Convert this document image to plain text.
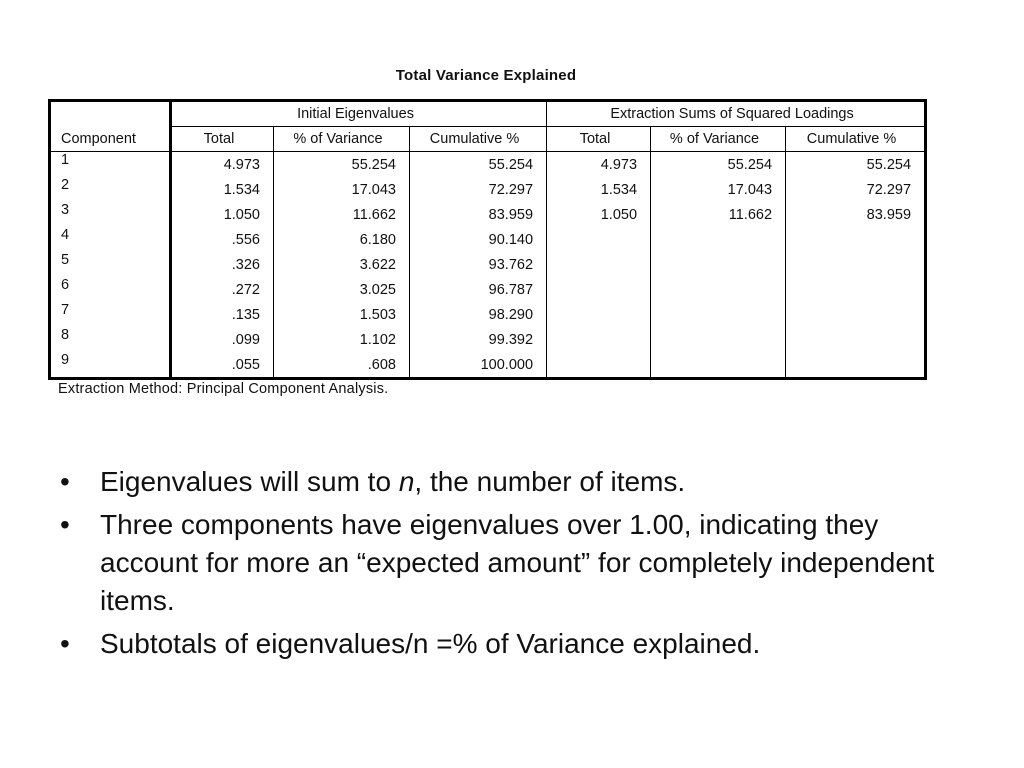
Total Variance Explained
	Initial Eigenvalues			Extraction Sums of Squared Loadings		
Component	Total	% of Variance	Cumulative %	Total	% of Variance	Cumulative %
1	4.973	55.254	55.254	4.973	55.254	55.254
2	1.534	17.043	72.297	1.534	17.043	72.297
3	1.050	11.662	83.959	1.050	11.662	83.959
4	.556	6.180	90.140			
5	.326	3.622	93.762			
6	.272	3.025	96.787			
7	.135	1.503	98.290			
8	.099	1.102	99.392			
9	.055	.608	100.000			
Extraction Method: Principal Component Analysis.
• Eigenvalues will sum to n, the number of items.
• Three components have eigenvalues over 1.00, indicating they account for more an “expected amount” for completely independent items.
• Subtotals of eigenvalues/n =% of Variance explained.
